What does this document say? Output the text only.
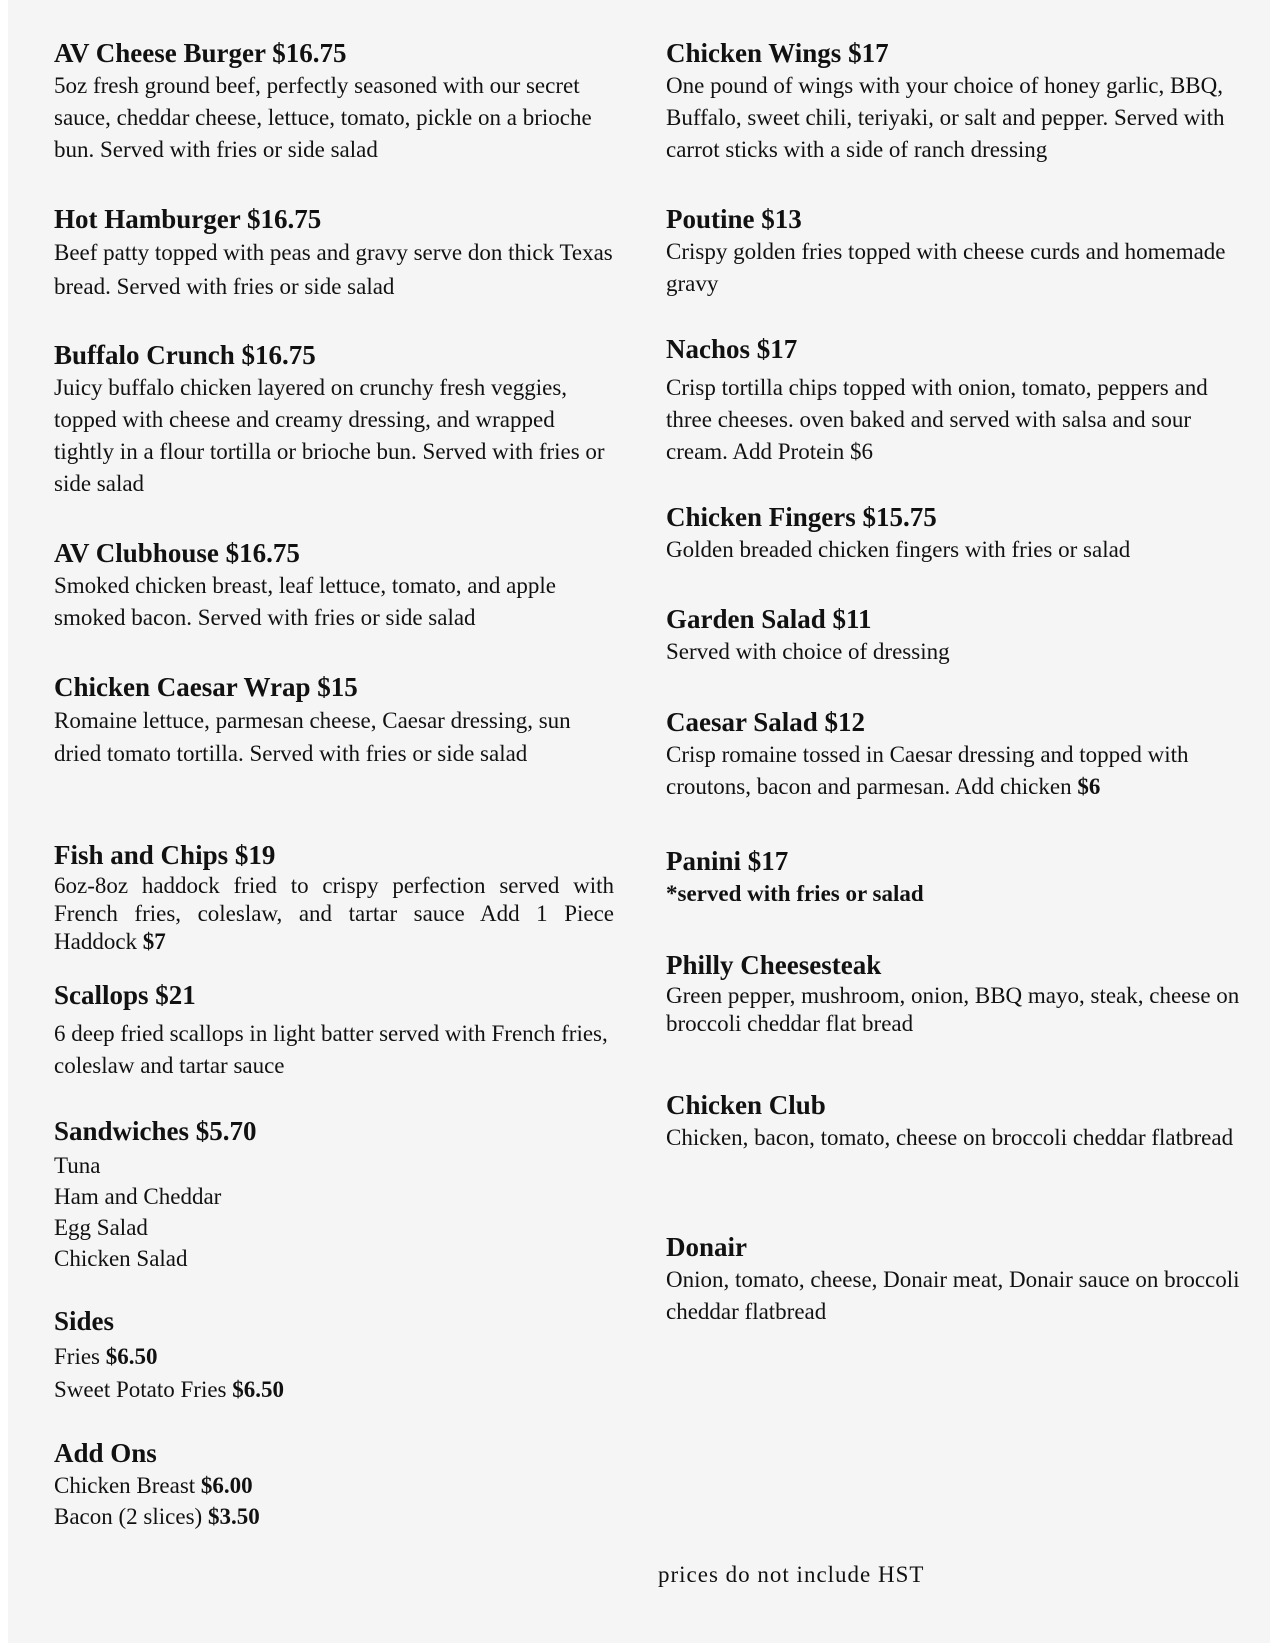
AV Cheese Burger $16.75

5oz fresh ground beef, perfectly seasoned with our secret sauce, cheddar cheese, lettuce, tomato, pickle on a brioche bun. Served with fries or side salad

Hot Hamburger $16.75

Beef patty topped with peas and gravy serve don thick Texas bread. Served with fries or side salad

Buffalo Crunch $16.75

Juicy buffalo chicken layered on crunchy fresh veggies, topped with cheese and creamy dressing, and wrapped tightly in a flour tortilla or brioche bun. Served with fries or side salad

AV Clubhouse $16.75

Smoked chicken breast, leaf lettuce, tomato, and apple smoked bacon. Served with fries or side salad

Chicken Caesar Wrap $15

Romaine lettuce, parmesan cheese, Caesar dressing, sun dried tomato tortilla. Served with fries or side salad

Fish and Chips $19

6oz-8oz haddock fried to crispy perfection served with French fries, coleslaw, and tartar sauce Add 1 Piece Haddock $7

Scallops $21

6 deep fried scallops in light batter served with French fries, coleslaw and tartar sauce

Sandwiches $5.70

Tuna

Ham and Cheddar

Egg Salad

Chicken Salad

Sides

Fries $6.50

Sweet Potato Fries $6.50

Add Ons

Chicken Breast $6.00

Bacon (2 slices) $3.50

Chicken Wings $17

One pound of wings with your choice of honey garlic, BBQ, Buffalo, sweet chili, teriyaki, or salt and pepper. Served with carrot sticks with a side of ranch dressing

Poutine $13

Crispy golden fries topped with cheese curds and homemade gravy

Nachos $17

Crisp tortilla chips topped with onion, tomato, peppers and three cheeses. oven baked and served with salsa and sour cream. Add Protein $6

Chicken Fingers $15.75

Golden breaded chicken fingers with fries or salad

Garden Salad $11

Served with choice of dressing

Caesar Salad $12

Crisp romaine tossed in Caesar dressing and topped with croutons, bacon and parmesan. Add chicken $6

Panini $17

*served with fries or salad

Philly Cheesesteak

Green pepper, mushroom, onion, BBQ mayo, steak, cheese on broccoli cheddar flat bread

Chicken Club

Chicken, bacon, tomato, cheese on broccoli cheddar flatbread

Donair

Onion, tomato, cheese, Donair meat, Donair sauce on broccoli cheddar flatbread

prices do not include HST
